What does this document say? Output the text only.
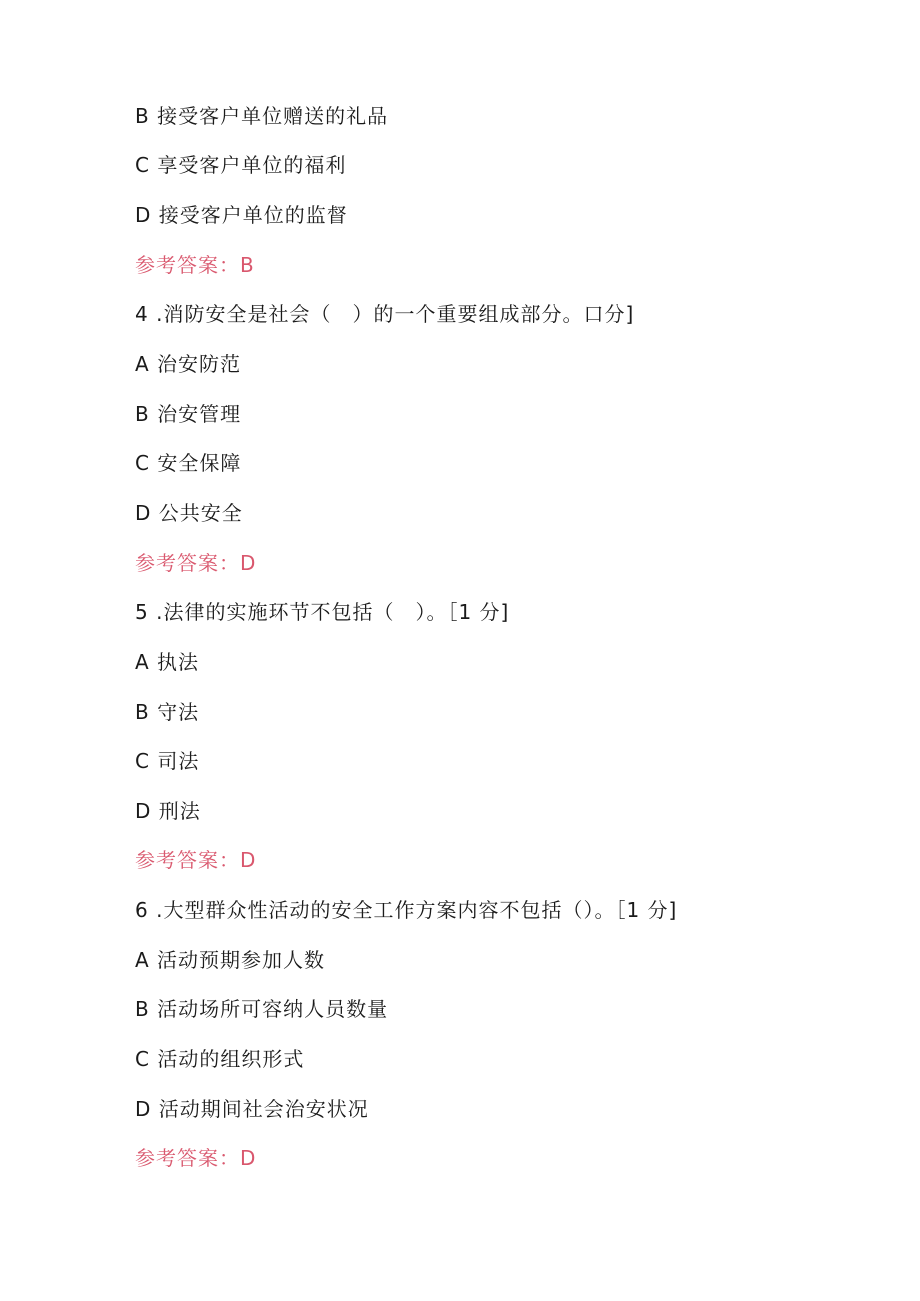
B 接受客户单位赠送的礼品
C 享受客户单位的福利
D 接受客户单位的监督
参考答案：B
4 .消防安全是社会（　）的一个重要组成部分。口分]
A 治安防范
B 治安管理
C 安全保障
D 公共安全
参考答案：D
5 .法律的实施环节不包括（　）。［1 分]
A 执法
B 守法
C 司法
D 刑法
参考答案：D
6 .大型群众性活动的安全工作方案内容不包括（）。［1 分]
A 活动预期参加人数
B 活动场所可容纳人员数量
C 活动的组织形式
D 活动期间社会治安状况
参考答案：D
